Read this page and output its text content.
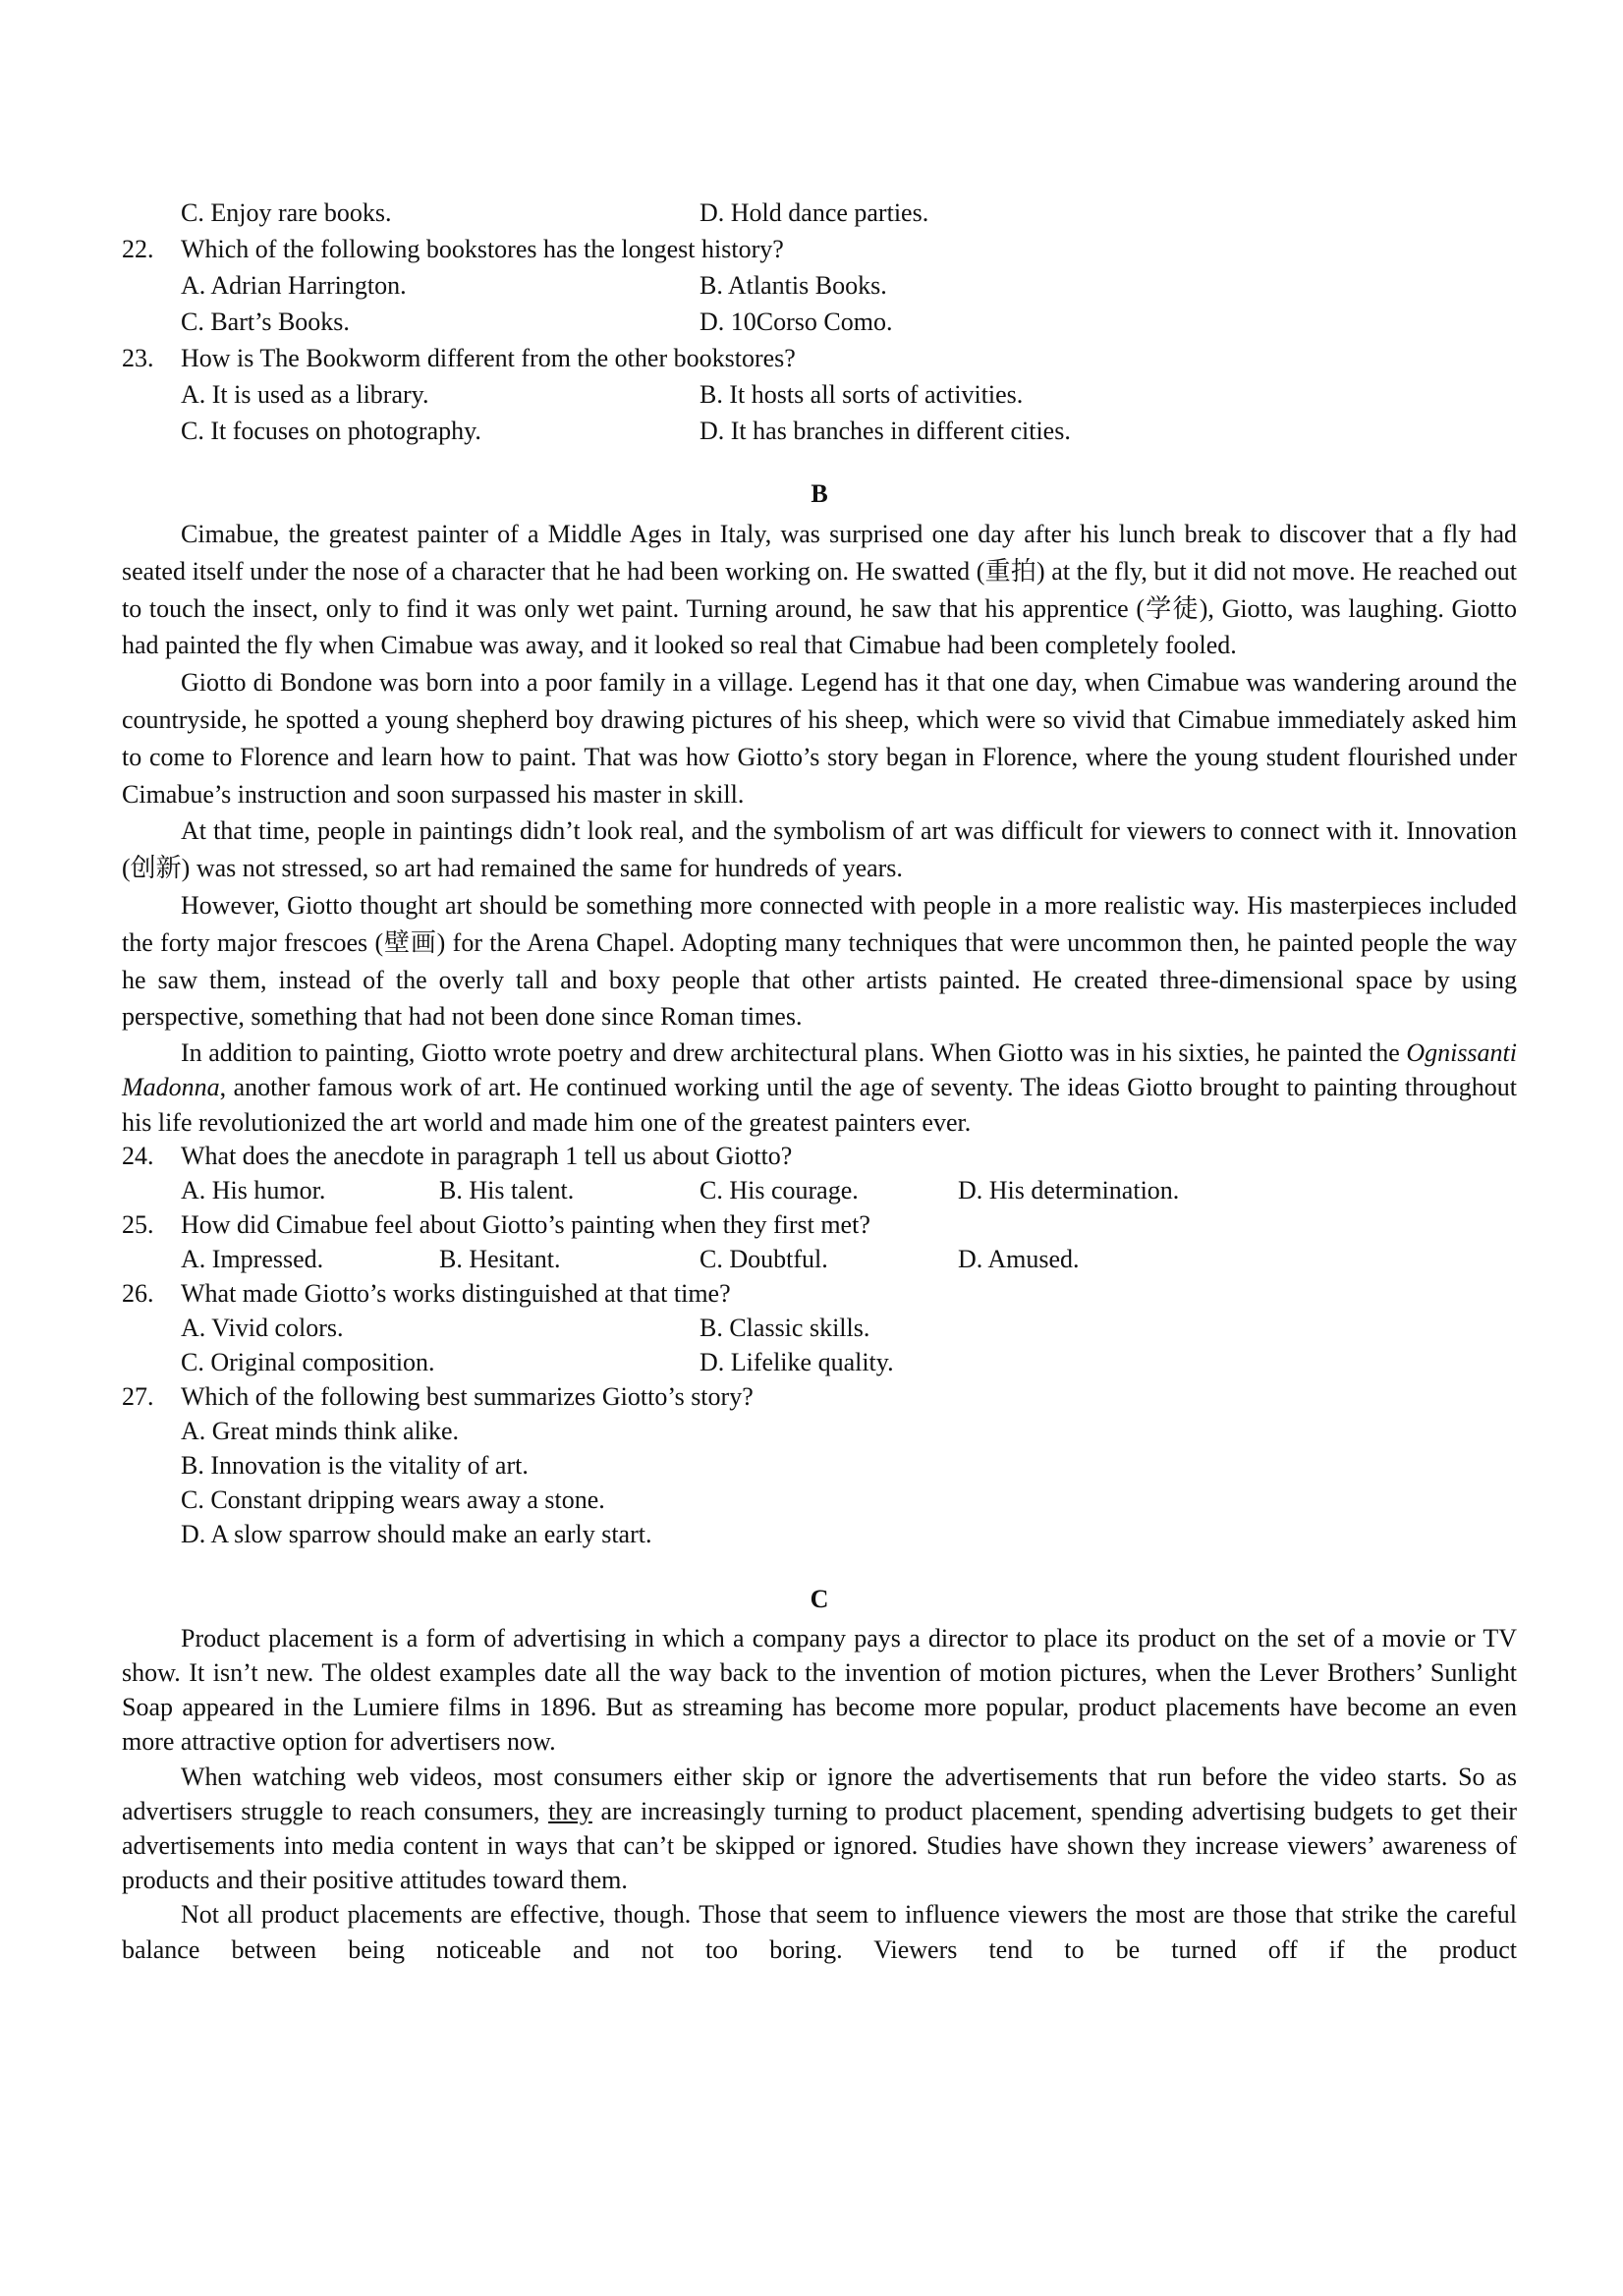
C. Enjoy rare books.	D. Hold dance parties.
22.	Which of the following bookstores has the longest history?
A. Adrian Harrington.	B. Atlantis Books.
C. Bart’s Books.	D. 10Corso Como.
23.	How is The Bookworm different from the other bookstores?
A. It is used as a library.	B. It hosts all sorts of activities.
C. It focuses on photography.	D. It has branches in different cities.
B

Cimabue, the greatest painter of a Middle Ages in Italy, was surprised one day after his lunch break to discover that a fly had seated itself under the nose of a character that he had been working on. He swatted (重拍) at the fly, but it did not move. He reached out to touch the insect, only to find it was only wet paint. Turning around, he saw that his apprentice (学徒), Giotto, was laughing. Giotto had painted the fly when Cimabue was away, and it looked so real that Cimabue had been completely fooled.

Giotto di Bondone was born into a poor family in a village. Legend has it that one day, when Cimabue was wandering around the countryside, he spotted a young shepherd boy drawing pictures of his sheep, which were so vivid that Cimabue immediately asked him to come to Florence and learn how to paint. That was how Giotto’s story began in Florence, where the young student flourished under Cimabue’s instruction and soon surpassed his master in skill.

At that time, people in paintings didn’t look real, and the symbolism of art was difficult for viewers to connect with it. Innovation (创新) was not stressed, so art had remained the same for hundreds of years.

However, Giotto thought art should be something more connected with people in a more realistic way. His masterpieces included the forty major frescoes (壁画) for the Arena Chapel. Adopting many techniques that were uncommon then, he painted people the way he saw them, instead of the overly tall and boxy people that other artists painted. He created three-dimensional space by using perspective, something that had not been done since Roman times.

In addition to painting, Giotto wrote poetry and drew architectural plans. When Giotto was in his sixties, he painted the Ognissanti Madonna, another famous work of art. He continued working until the age of seventy. The ideas Giotto brought to painting throughout his life revolutionized the art world and made him one of the greatest painters ever.

24.	What does the anecdote in paragraph 1 tell us about Giotto?
A. His humor.	B. His talent.	C. His courage.	D. His determination.
25.	How did Cimabue feel about Giotto’s painting when they first met?
A. Impressed.	B. Hesitant.	C. Doubtful.	D. Amused.
26.	What made Giotto’s works distinguished at that time?
A. Vivid colors.	B. Classic skills.
C. Original composition.	D. Lifelike quality.
27.	Which of the following best summarizes Giotto’s story?
A. Great minds think alike.
B. Innovation is the vitality of art.
C. Constant dripping wears away a stone.
D. A slow sparrow should make an early start.
C

Product placement is a form of advertising in which a company pays a director to place its product on the set of a movie or TV show. It isn’t new. The oldest examples date all the way back to the invention of motion pictures, when the Lever Brothers’ Sunlight Soap appeared in the Lumiere films in 1896. But as streaming has become more popular, product placements have become an even more attractive option for advertisers now.

When watching web videos, most consumers either skip or ignore the advertisements that run before the video starts. So as advertisers struggle to reach consumers, they are increasingly turning to product placement, spending advertising budgets to get their advertisements into media content in ways that can’t be skipped or ignored. Studies have shown they increase viewers’ awareness of products and their positive attitudes toward them.

Not all product placements are effective, though. Those that seem to influence viewers the most are those that strike the careful balance between being noticeable and not too boring. Viewers tend to be turned off if the product
